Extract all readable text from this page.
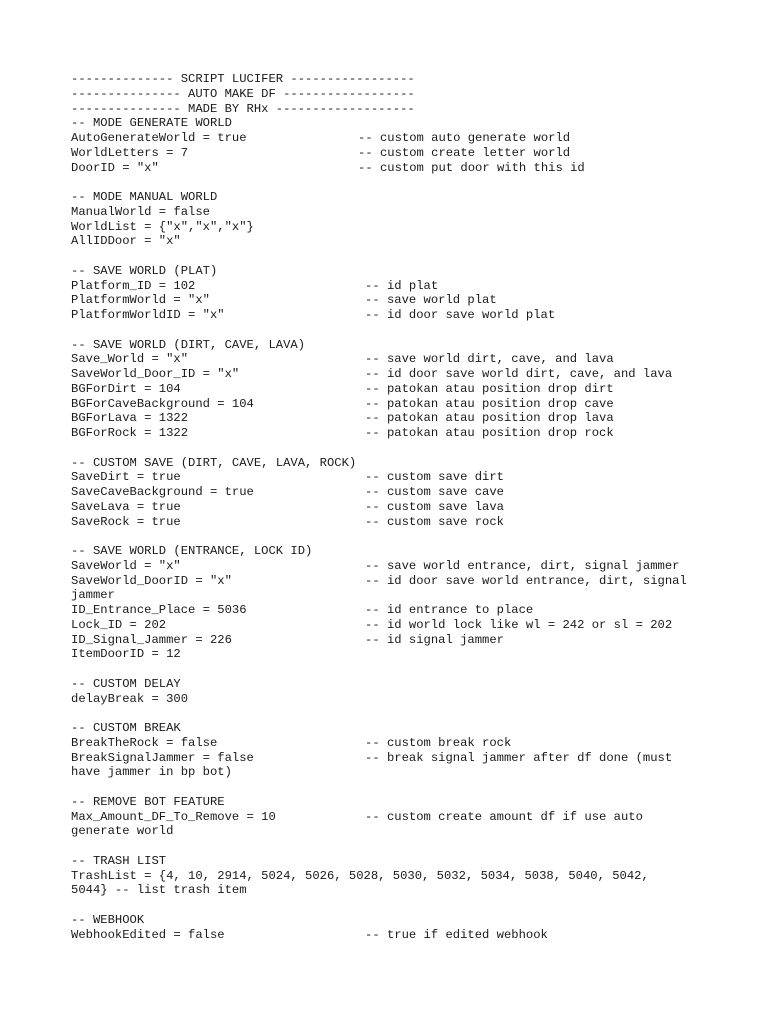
-------------- SCRIPT LUCIFER -----------------
--------------- AUTO MAKE DF ------------------
--------------- MADE BY RHx -------------------
-- MODE GENERATE WORLD
AutoGenerateWorld = true	-- custom auto generate world
WorldLetters = 7	-- custom create letter world
DoorID = "x"	-- custom put door with this id
-- MODE MANUAL WORLD
ManualWorld = false
WorldList = {"x","x","x"}
AllIDDoor = "x"
-- SAVE WORLD (PLAT)
Platform_ID = 102	-- id plat
PlatformWorld = "x"	-- save world plat
PlatformWorldID = "x"	-- id door save world plat
-- SAVE WORLD (DIRT, CAVE, LAVA)
Save_World = "x"	-- save world dirt, cave, and lava
SaveWorld_Door_ID = "x"	-- id door save world dirt, cave, and lava
BGForDirt = 104	-- patokan atau position drop dirt
BGForCaveBackground = 104	-- patokan atau position drop cave
BGForLava = 1322	-- patokan atau position drop lava
BGForRock = 1322	-- patokan atau position drop rock
-- CUSTOM SAVE (DIRT, CAVE, LAVA, ROCK)
SaveDirt = true	-- custom save dirt
SaveCaveBackground = true	-- custom save cave
SaveLava = true	-- custom save lava
SaveRock = true	-- custom save rock
-- SAVE WORLD (ENTRANCE, LOCK ID)
SaveWorld = "x"	-- save world entrance, dirt, signal jammer
SaveWorld_DoorID = "x"	-- id door save world entrance, dirt, signal
jammer
ID_Entrance_Place = 5036	-- id entrance to place
Lock_ID = 202	-- id world lock like wl = 242 or sl = 202
ID_Signal_Jammer = 226	-- id signal jammer
ItemDoorID = 12
-- CUSTOM DELAY
delayBreak = 300
-- CUSTOM BREAK
BreakTheRock = false	-- custom break rock
BreakSignalJammer = false	-- break signal jammer after df done (must
have jammer in bp bot)
-- REMOVE BOT FEATURE
Max_Amount_DF_To_Remove = 10	-- custom create amount df if use auto
generate world
-- TRASH LIST
TrashList = {4, 10, 2914, 5024, 5026, 5028, 5030, 5032, 5034, 5038, 5040, 5042,
5044} -- list trash item
-- WEBHOOK
WebhookEdited = false	-- true if edited webhook
